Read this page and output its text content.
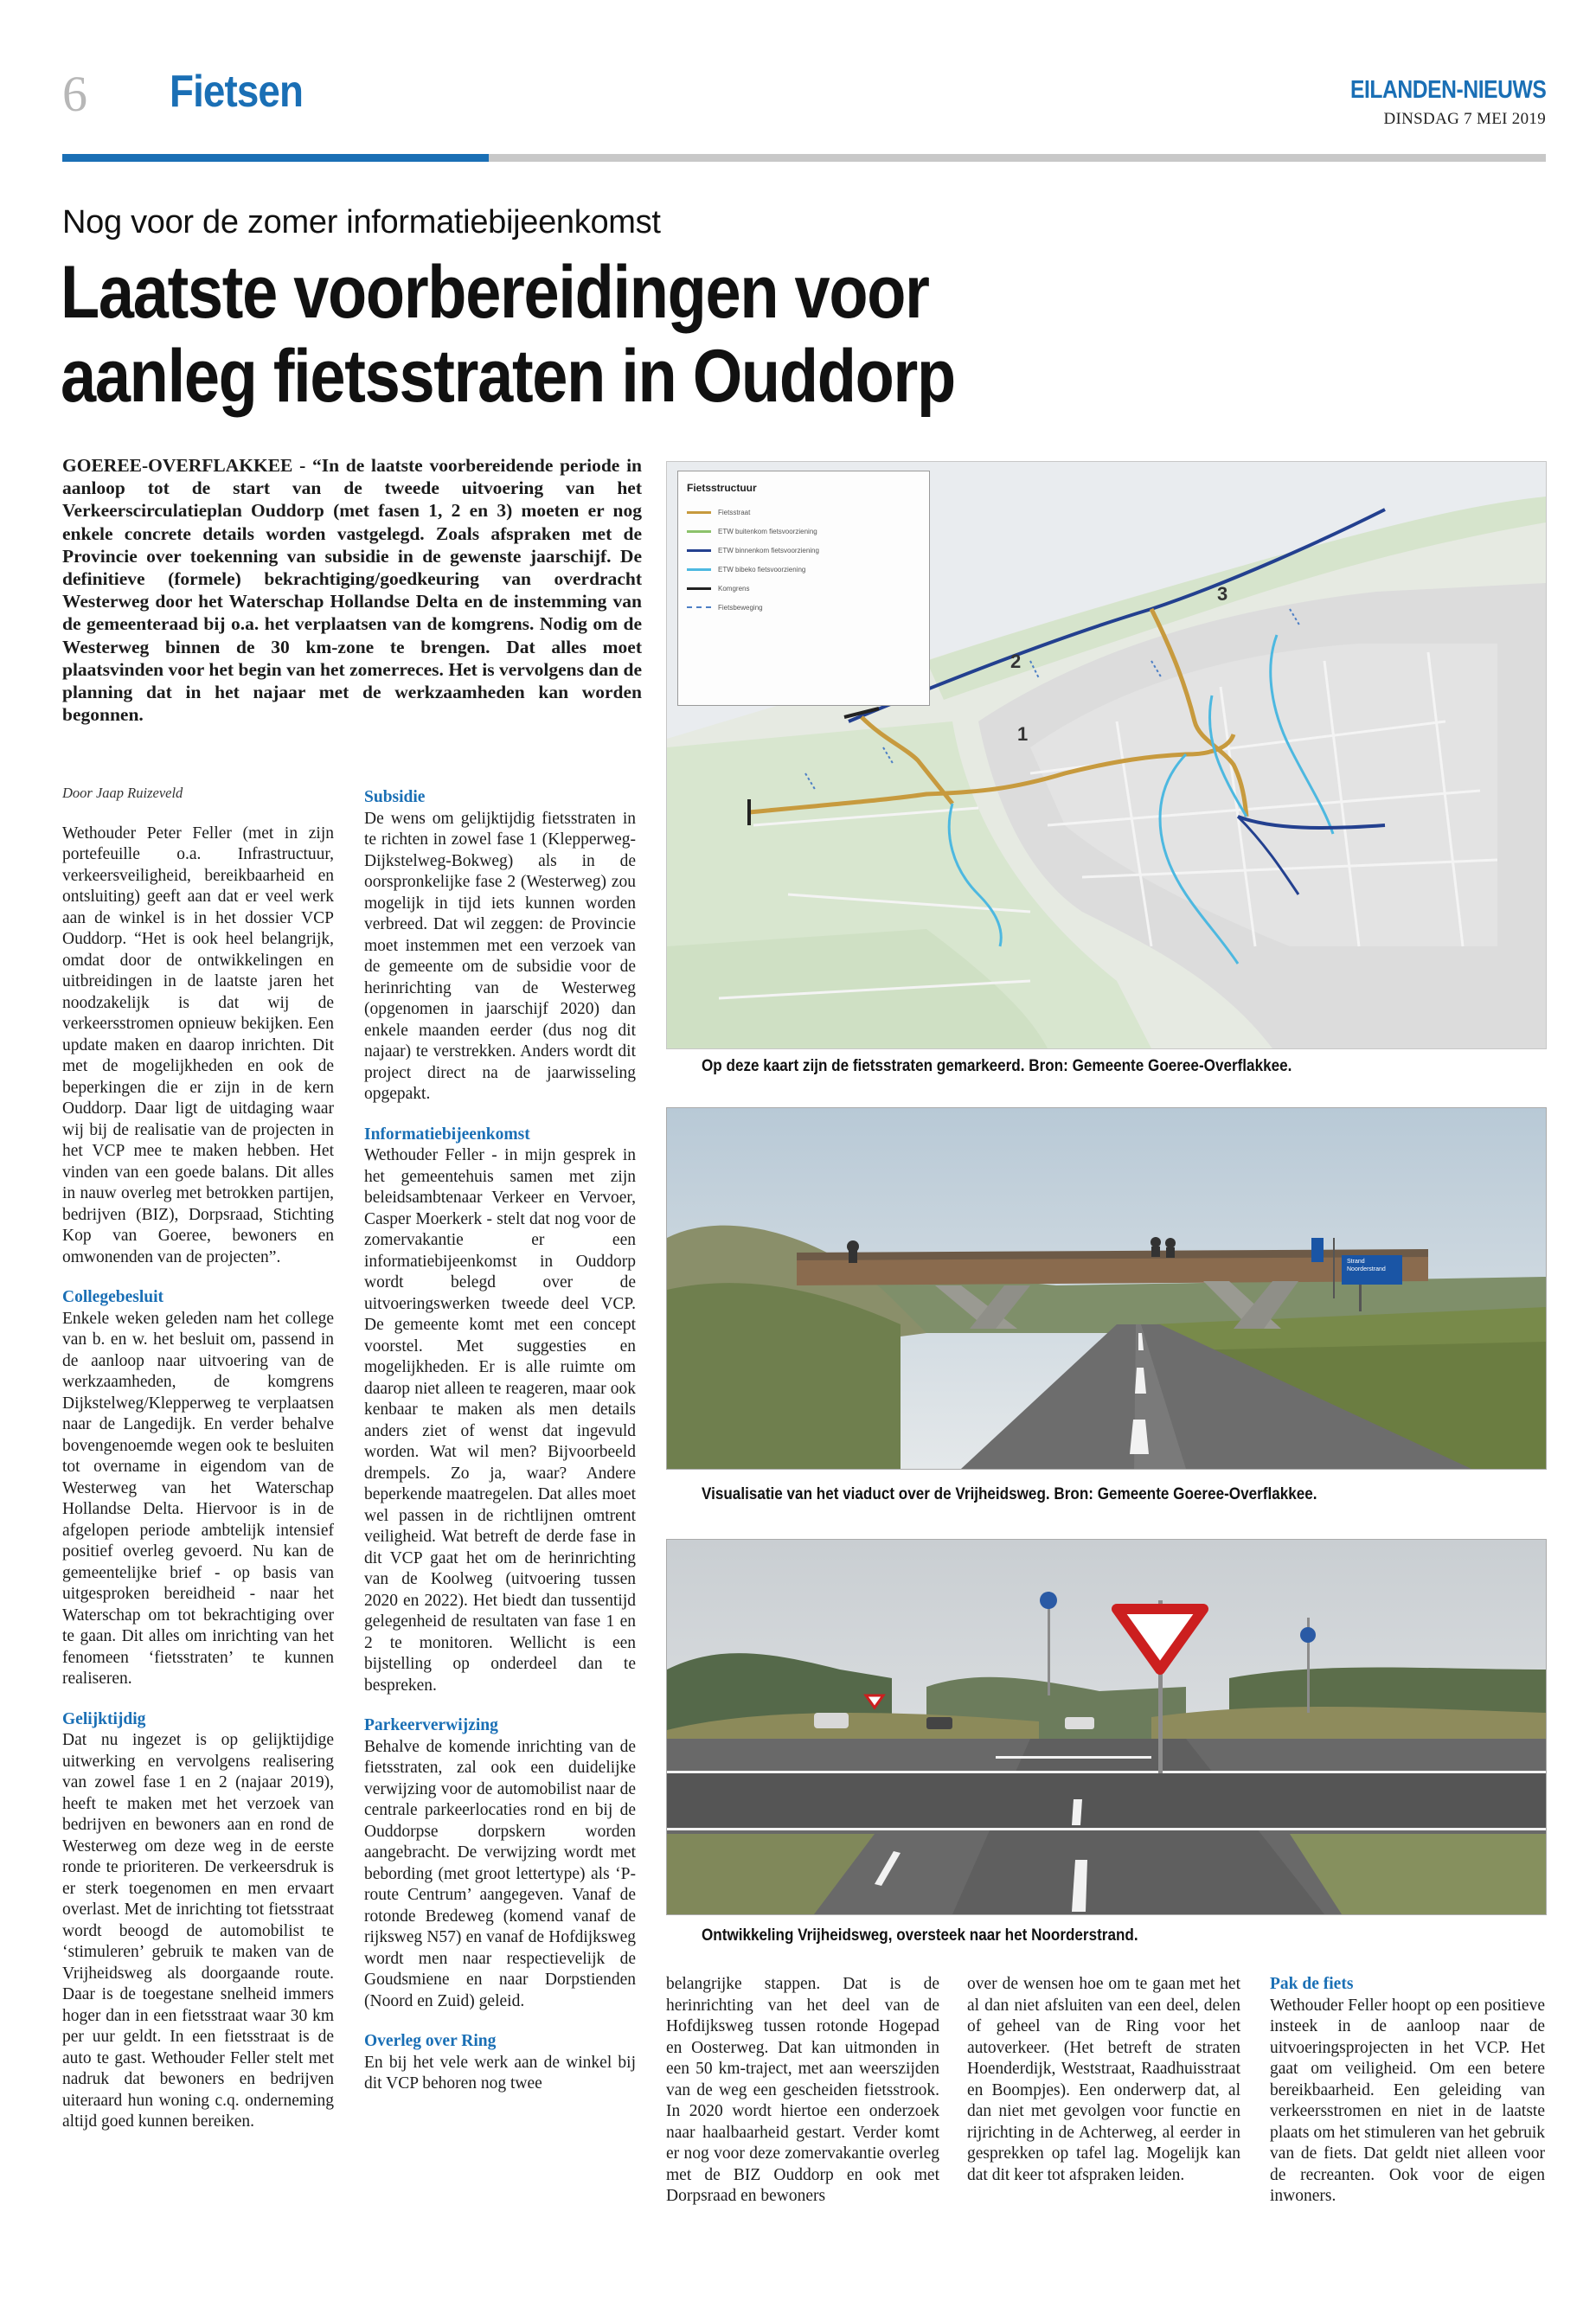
6 Fietsen	EILANDEN-NIEUWS
DINSDAG 7 MEI 2019
Nog voor de zomer informatiebijeenkomst
Laatste voorbereidingen voor aanleg fietsstraten in Ouddorp
GOEREE-OVERFLAKKEE - “In de laatste voorbereidende periode in aanloop tot de start van de tweede uitvoering van het Verkeerscirculatieplan Ouddorp (met fasen 1, 2 en 3) moeten er nog enkele concrete details worden vastgelegd. Zoals afspraken met de Provincie over toekenning van subsidie in de gewenste jaarschijf. De definitieve (formele) bekrachtiging/goedkeuring van overdracht Westerweg door het Waterschap Hollandse Delta en de instemming van de gemeenteraad bij o.a. het verplaatsen van de komgrens. Nodig om de Westerweg binnen de 30 km-zone te brengen. Dat alles moet plaatsvinden voor het begin van het zomerreces. Het is vervolgens dan de planning dat in het najaar met de werkzaamheden kan worden begonnen.
Door Jaap Ruizeveld

Wethouder Peter Feller (met in zijn portefeuille o.a. Infrastructuur, verkeersveiligheid, bereikbaarheid en ontsluiting) geeft aan dat er veel werk aan de winkel is in het dossier VCP Ouddorp. “Het is ook heel belangrijk, omdat door de ontwikkelingen en uitbreidingen in de laatste jaren het noodzakelijk is dat wij de verkeersstromen opnieuw bekijken. Een update maken en daarop inrichten. Dit met de mogelijkheden en ook de beperkingen die er zijn in de kern Ouddorp. Daar ligt de uitdaging waar wij bij de realisatie van de projecten in het VCP mee te maken hebben. Het vinden van een goede balans. Dit alles in nauw overleg met betrokken partijen, bedrijven (BIZ), Dorpsraad, Stichting Kop van Goeree, bewoners en omwonenden van de projecten”.

Collegebesluit

Enkele weken geleden nam het college van b. en w. het besluit om, passend in de aanloop naar uitvoering van de werkzaamheden, de komgrens Dijkstelweg/Klepperweg te verplaatsen naar de Langedijk. En verder behalve bovengenoemde wegen ook te besluiten tot overname in eigendom van de Westerweg van het Waterschap Hollandse Delta. Hiervoor is in de afgelopen periode ambtelijk intensief positief overleg gevoerd. Nu kan de gemeentelijke brief - op basis van uitgesproken bereidheid - naar het Waterschap om tot bekrachtiging over te gaan. Dit alles om inrichting van het fenomeen ‘fietsstraten’ te kunnen realiseren.

Gelijktijdig

Dat nu ingezet is op gelijktijdige uitwerking en vervolgens realisering van zowel fase 1 en 2 (najaar 2019), heeft te maken met het verzoek van bedrijven en bewoners aan en rond de Westerweg om deze weg in de eerste ronde te prioriteren. De verkeersdruk is er sterk toegenomen en men ervaart overlast. Met de inrichting tot fietsstraat wordt beoogd de automobilist te ‘stimuleren’ gebruik te maken van de Vrijheidsweg als doorgaande route. Daar is de toegestane snelheid immers hoger dan in een fietsstraat waar 30 km per uur geldt. In een fietsstraat is de auto te gast. Wethouder Feller stelt met nadruk dat bewoners en bedrijven uiteraard hun woning c.q. onderneming altijd goed kunnen bereiken.

Subsidie

De wens om gelijktijdig fietsstraten in te richten in zowel fase 1 (Klepperweg-Dijkstelweg-Bokweg) als in de oorspronkelijke fase 2 (Westerweg) zou mogelijk in tijd iets kunnen worden verbreed. Dat wil zeggen: de Provincie moet instemmen met een verzoek van de gemeente om de subsidie voor de herinrichting van de Westerweg (opgenomen in jaarschijf 2020) dan enkele maanden eerder (dus nog dit najaar) te verstrekken. Anders wordt dit project direct na de jaarwisseling opgepakt.

Informatiebijeenkomst

Wethouder Feller - in mijn gesprek in het gemeentehuis samen met zijn beleidsambtenaar Verkeer en Vervoer, Casper Moerkerk - stelt dat nog voor de zomervakantie er een informatiebijeenkomst in Ouddorp wordt belegd over de uitvoeringswerken tweede deel VCP. De gemeente komt met een concept voorstel. Met suggesties en mogelijkheden. Er is alle ruimte om daarop niet alleen te reageren, maar ook kenbaar te maken als men details anders ziet of wenst dat ingevuld worden. Wat wil men? Bijvoorbeeld drempels. Zo ja, waar? Andere beperkende maatregelen. Dat alles moet wel passen in de richtlijnen omtrent veiligheid. Wat betreft de derde fase in dit VCP gaat het om de herinrichting van de Koolweg (uitvoering tussen 2020 en 2022). Het biedt dan tussentijd gelegenheid de resultaten van fase 1 en 2 te monitoren. Wellicht is een bijstelling op onderdeel dan te bespreken.

Parkeerverwijzing

Behalve de komende inrichting van de fietsstraten, zal ook een duidelijke verwijzing voor de automobilist naar de centrale parkeerlocaties rond en bij de Ouddorpse dorpskern worden aangebracht. De verwijzing wordt met bebording (met groot lettertype) als ‘P-route Centrum’ aangegeven. Vanaf de rotonde Bredeweg (komend vanaf de rijksweg N57) en vanaf de Hofdijksweg wordt men naar respectievelijk de Goudsmiene en naar Dorpstienden (Noord en Zuid) geleid.

Overleg over Ring

En bij het vele werk aan de winkel bij dit VCP behoren nog twee

Fietsstructuur
Fietsstraat
ETW buitenkom fietsvoorziening
ETW binnenkom fietsvoorziening
ETW bibeko fietsvoorziening
Komgrens
Fietsbeweging
1
2
3
Op deze kaart zijn de fietsstraten gemarkeerd. Bron: Gemeente Goeree-Overflakkee.
Strand
Noorderstrand
Visualisatie van het viaduct over de Vrijheidsweg. Bron: Gemeente Goeree-Overflakkee.
Ontwikkeling Vrijheidsweg, oversteek naar het Noorderstrand.

belangrijke stappen. Dat is de herinrichting van het deel van de Hofdijksweg tussen rotonde Hogepad en Oosterweg. Dat kan uitmonden in een 50 km-traject, met aan weerszijden van de weg een gescheiden fietsstrook. In 2020 wordt hiertoe een onderzoek naar haalbaarheid gestart. Verder komt er nog voor deze zomervakantie overleg met de BIZ Ouddorp en ook met Dorpsraad en bewoners

over de wensen hoe om te gaan met het al dan niet afsluiten van een deel, delen of geheel van de Ring voor het autoverkeer. (Het betreft de straten Hoenderdijk, Weststraat, Raadhuisstraat en Boompjes). Een onderwerp dat, al dan niet met gevolgen voor functie en rijrichting in de Achterweg, al eerder in gesprekken op tafel lag. Mogelijk kan dat dit keer tot afspraken leiden.

Pak de fiets

Wethouder Feller hoopt op een positieve insteek in de aanloop naar de uitvoeringsprojecten in het VCP. Het gaat om veiligheid. Om een betere bereikbaarheid. Een geleiding van verkeersstromen en niet in de laatste plaats om het stimuleren van het gebruik van de fiets. Dat geldt niet alleen voor de recreanten. Ook voor de eigen inwoners.
